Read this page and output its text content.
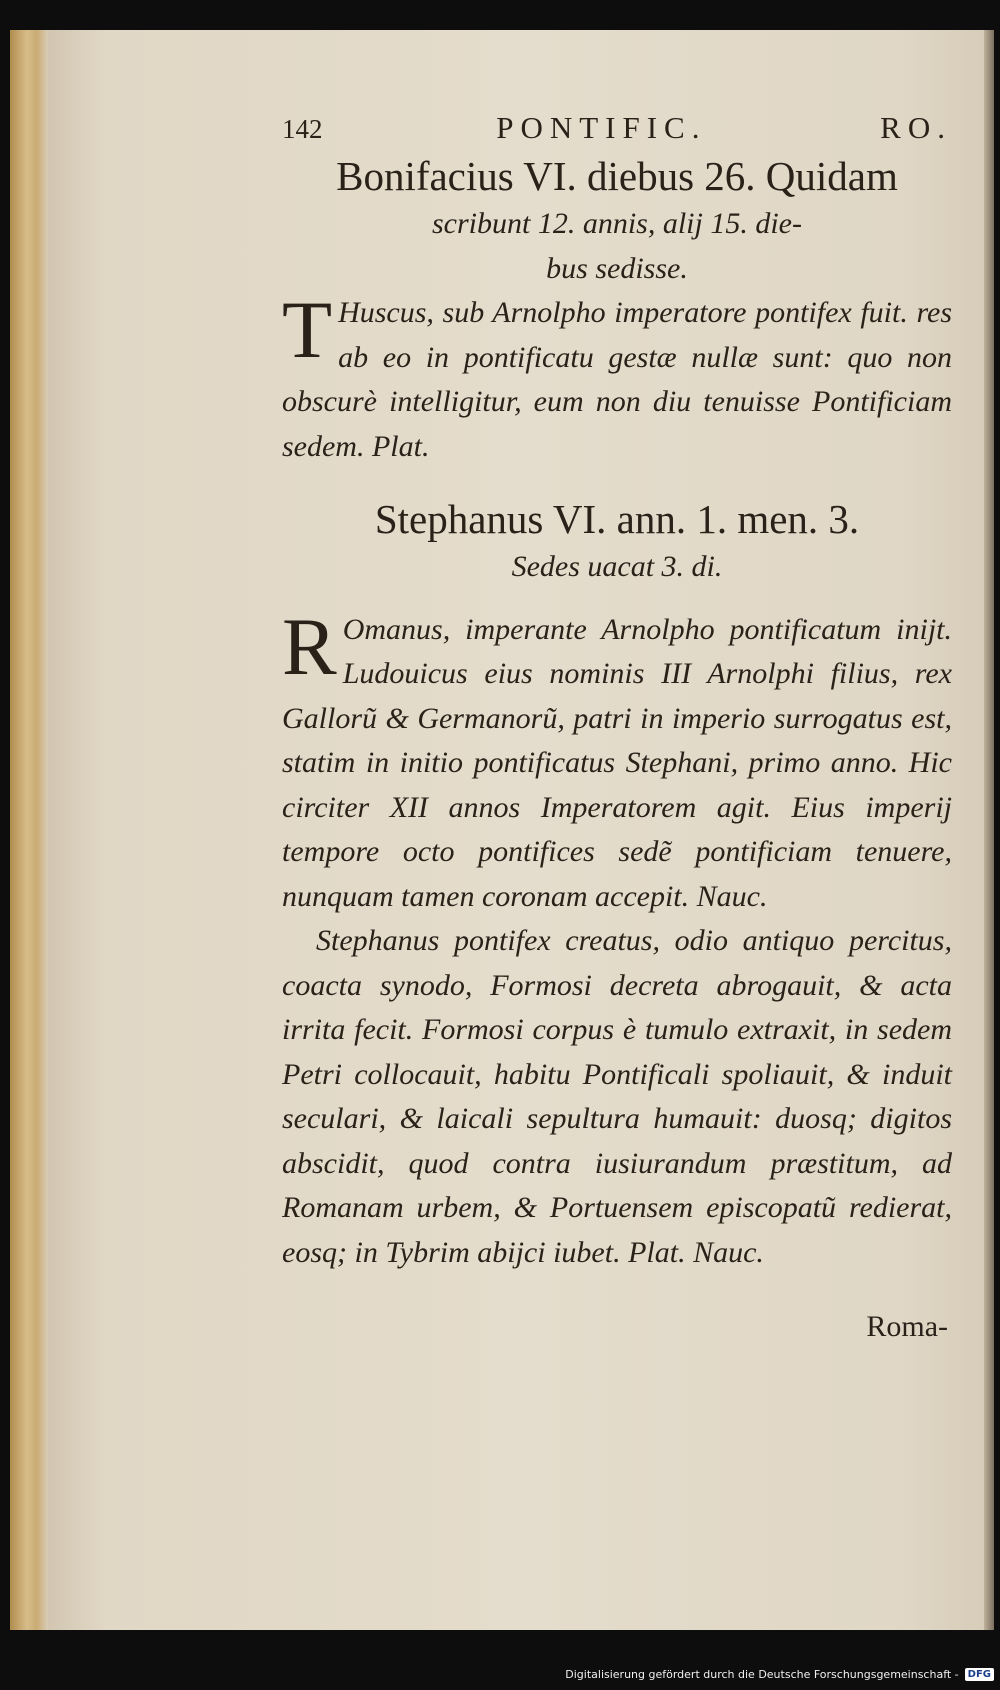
142	PONTIFIC.	RO.
Bonifacius VI. diebus 26. Quidam
scribunt 12. annis, alij 15. die-
bus sedisse.

T Huscus, sub Arnolpho imperatore pontifex fuit. res ab eo in pontificatu gestæ nullæ sunt: quo non obscurè intelligitur, eum non diu tenuisse Pontificiam sedem. Plat.

Stephanus VI. ann. 1. men. 3.
Sedes uacat 3. di.

R Omanus, imperante Arnolpho pontificatum inijt. Ludouicus eius nominis III Arnolphi filius, rex Gallorũ & Germanorũ, patri in imperio surrogatus est, statim in initio pontificatus Stephani, primo anno. Hic circiter XII annos Imperatorem agit. Eius imperij tempore octo pontifices sedẽ pontificiam tenuere, nunquam tamen coronam accepit. Nauc.

Stephanus pontifex creatus, odio antiquo percitus, coacta synodo, Formosi decreta abrogauit, & acta irrita fecit. Formosi corpus è tumulo extraxit, in sedem Petri collocauit, habitu Pontificali spoliauit, & induit seculari, & laicali sepultura humauit: duosq; digitos abscidit, quod contra iusiurandum præstitum, ad Romanam urbem, & Portuensem episcopatũ redierat, eosq; in Tybrim abijci iubet. Plat. Nauc.

Roma-
Digitalisierung gefördert durch die Deutsche Forschungsgemeinschaft - DFG
